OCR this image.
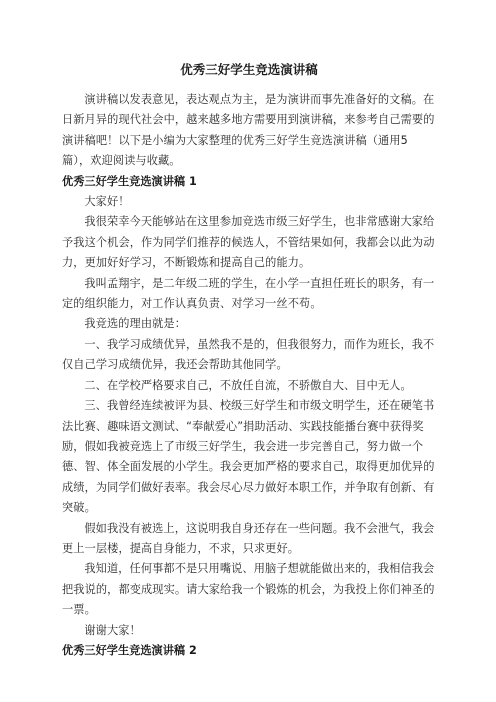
优秀三好学生竞选演讲稿

演讲稿以发表意见，表达观点为主，是为演讲而事先准备好的文稿。在日新月异的现代社会中，越来越多地方需要用到演讲稿，来参考自己需要的演讲稿吧！以下是小编为大家整理的优秀三好学生竞选演讲稿（通用5篇），欢迎阅读与收藏。

优秀三好学生竞选演讲稿 1

大家好！

我很荣幸今天能够站在这里参加竞选市级三好学生，也非常感谢大家给予我这个机会，作为同学们推荐的候选人，不管结果如何，我都会以此为动力，更加好好学习，不断锻炼和提高自己的能力。

我叫孟翔宇，是二年级二班的学生，在小学一直担任班长的职务，有一定的组织能力，对工作认真负责、对学习一丝不苟。

我竞选的理由就是：

一、我学习成绩优异，虽然我不是的，但我很努力，而作为班长，我不仅自己学习成绩优异，我还会帮助其他同学。

二、在学校严格要求自己，不放任自流，不骄傲自大、目中无人。

三、我曾经连续被评为县、校级三好学生和市级文明学生，还在硬笔书法比赛、趣味语文测试、“奉献爱心”捐助活动、实践技能播台赛中获得奖励，假如我被竞选上了市级三好学生，我会进一步完善自己，努力做一个德、智、体全面发展的小学生。我会更加严格的要求自己，取得更加优异的成绩，为同学们做好表率。我会尽心尽力做好本职工作，并争取有创新、有突破。

假如我没有被选上，这说明我自身还存在一些问题。我不会泄气，我会更上一层楼，提高自身能力，不求，只求更好。

我知道，任何事都不是只用嘴说、用脑子想就能做出来的，我相信我会把我说的，都变成现实。请大家给我一个锻炼的机会，为我投上你们神圣的一票。

谢谢大家！

优秀三好学生竞选演讲稿 2
